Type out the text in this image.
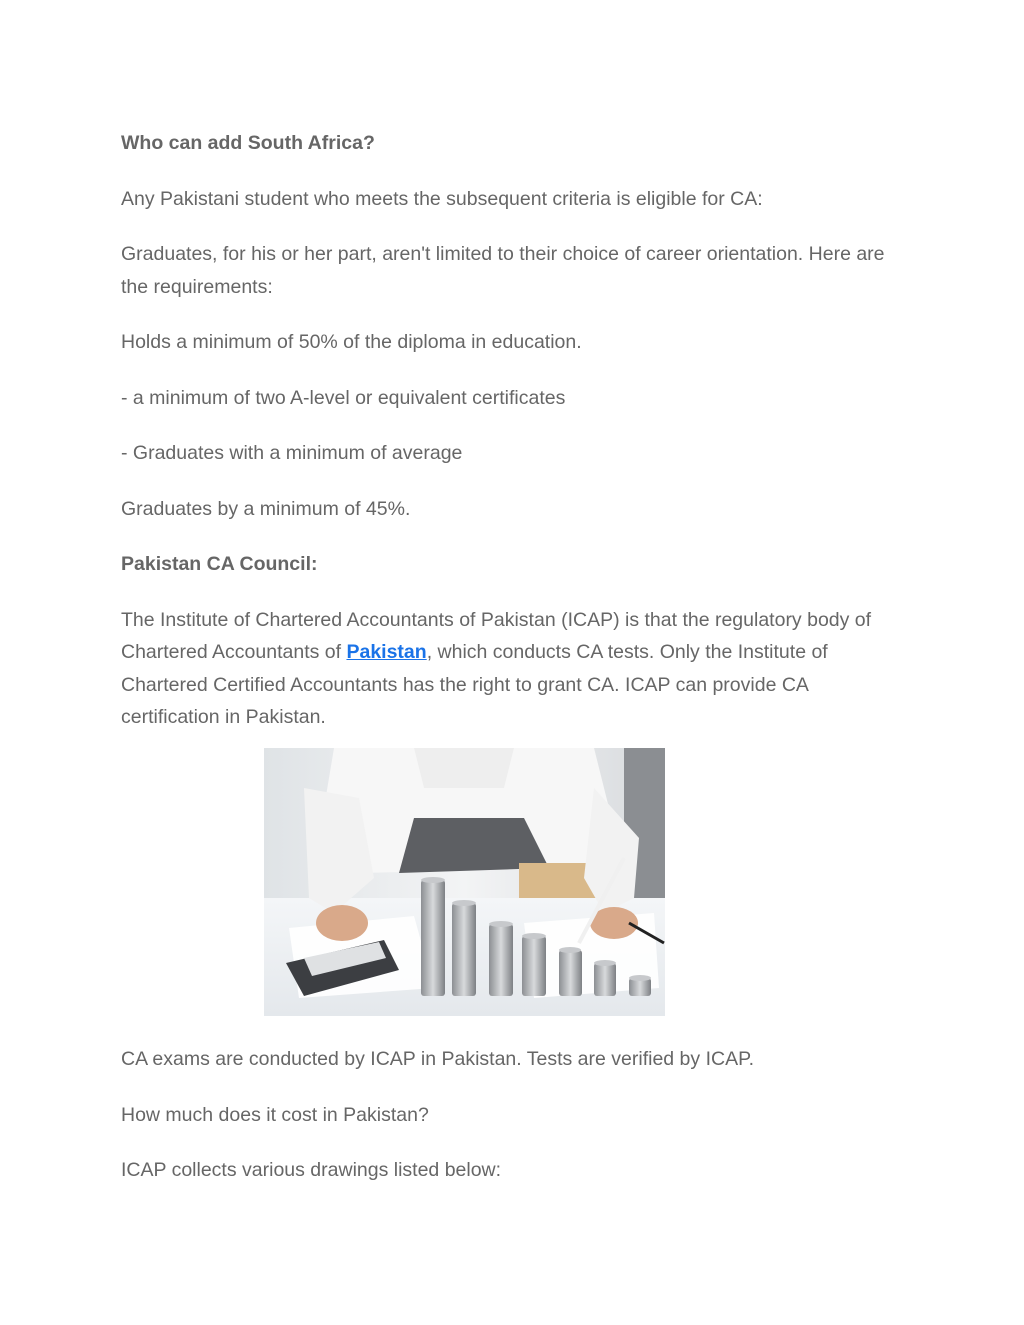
Who can add South Africa?

Any Pakistani student who meets the subsequent criteria is eligible for CA:

Graduates, for his or her part, aren't limited to their choice of career orientation. Here are the requirements:

Holds a minimum of 50% of the diploma in education.

- a minimum of two A-level or equivalent certificates

- Graduates with a minimum of average

Graduates by a minimum of 45%.

Pakistan CA Council:

The Institute of Chartered Accountants of Pakistan (ICAP) is that the regulatory body of Chartered Accountants of Pakistan, which conducts CA tests. Only the Institute of Chartered Certified Accountants has the right to grant CA. ICAP can provide CA certification in Pakistan.

CA exams are conducted by ICAP in Pakistan. Tests are verified by ICAP.

How much does it cost in Pakistan?

ICAP collects various drawings listed below:
